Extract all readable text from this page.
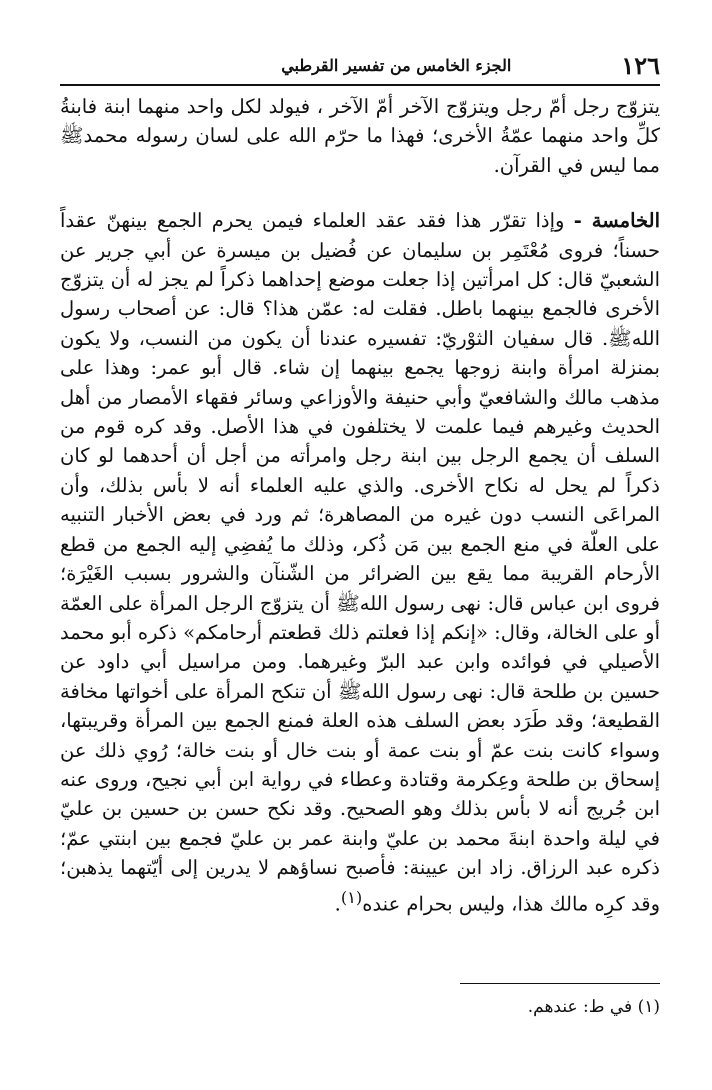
١٢٦
الجزء الخامس من تفسير القرطبي

يتزوّج رجل أمّ رجل ويتزوّج الآخر أمّ الآخر ، فيولد لكل واحد منهما ابنة فابنةُ كلِّ واحد منهما عمّةُ الأخرى؛ فهذا ما حرّم الله على لسان رسوله محمدﷺ مما ليس في القرآن.

الخامسة - وإذا تقرّر هذا فقد عقد العلماء فيمن يحرم الجمع بينهنّ عقداً حسناً؛ فروى مُعْتَمِر بن سليمان عن فُضيل بن ميسرة عن أبي جرير عن الشعبيّ قال: كل امرأتين إذا جعلت موضع إحداهما ذكراً لم يجز له أن يتزوّج الأخرى فالجمع بينهما باطل. فقلت له: عمّن هذا؟ قال: عن أصحاب رسول اللهﷺ. قال سفيان الثوْريّ: تفسيره عندنا أن يكون من النسب، ولا يكون بمنزلة امرأة وابنة زوجها يجمع بينهما إن شاء. قال أبو عمر: وهذا على مذهب مالك والشافعيّ وأبي حنيفة والأوزاعي وسائر فقهاء الأمصار من أهل الحديث وغيرهم فيما علمت لا يختلفون في هذا الأصل. وقد كره قوم من السلف أن يجمع الرجل بين ابنة رجل وامرأته من أجل أن أحدهما لو كان ذكراً لم يحل له نكاح الأخرى. والذي عليه العلماء أنه لا بأس بذلك، وأن المراعَى النسب دون غيره من المصاهرة؛ ثم ورد في بعض الأخبار التنبيه على العلّة في منع الجمع بين مَن ذُكر، وذلك ما يُفضِي إليه الجمع من قطع الأرحام القريبة مما يقع بين الضرائر من الشّنآن والشرور بسبب الغَيْرَة؛ فروى ابن عباس قال: نهى رسول اللهﷺ أن يتزوّج الرجل المرأة على العمّة أو على الخالة، وقال: «إنكم إذا فعلتم ذلك قطعتم أرحامكم» ذكره أبو محمد الأصيلي في فوائده وابن عبد البرّ وغيرهما. ومن مراسيل أبي داود عن حسين بن طلحة قال: نهى رسول اللهﷺ أن تنكح المرأة على أخواتها مخافة القطيعة؛ وقد طَرَد بعض السلف هذه العلة فمنع الجمع بين المرأة وقريبتها، وسواء كانت بنت عمّ أو بنت عمة أو بنت خال أو بنت خالة؛ رُوي ذلك عن إسحاق بن طلحة وعِكرمة وقتادة وعطاء في رواية ابن أبي نجيح، وروى عنه ابن جُريج أنه لا بأس بذلك وهو الصحيح. وقد نكح حسن بن حسين بن عليّ في ليلة واحدة ابنةَ محمد بن عليّ وابنة عمر بن عليّ فجمع بين ابنتي عمّ؛ ذكره عبد الرزاق. زاد ابن عيينة: فأصبح نساؤهم لا يدرين إلى أيّتهما يذهبن؛ وقد كرِه مالك هذا، وليس بحرام عنده$^{(١)}$.

(١) في ط: عندهم.
